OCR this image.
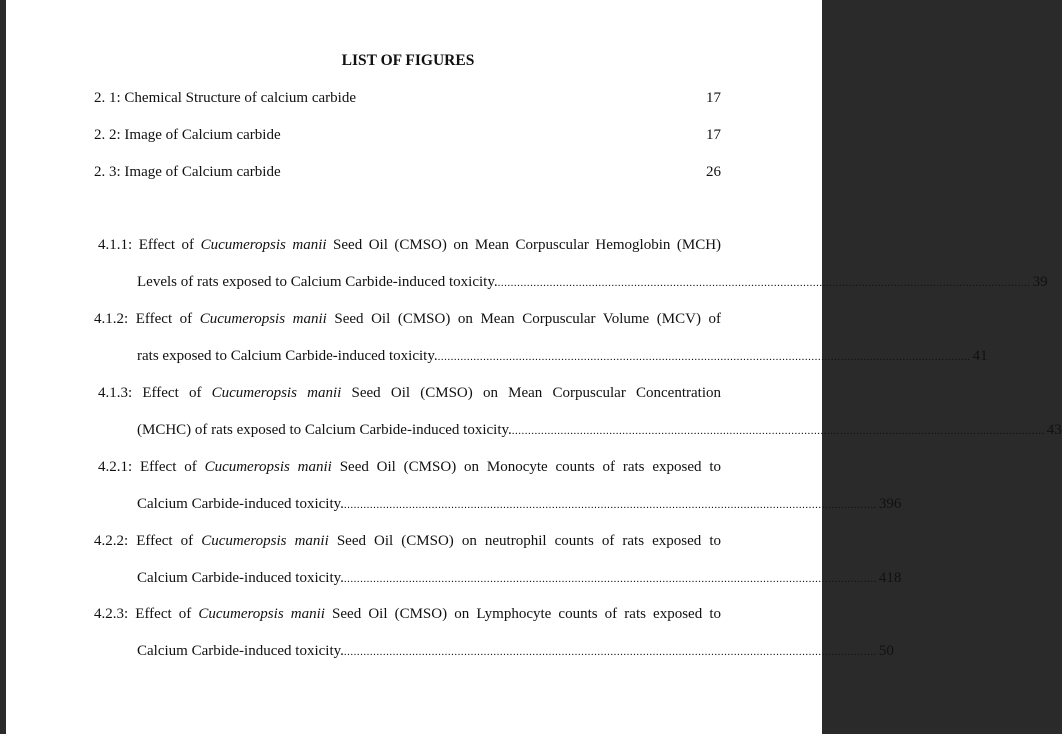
LIST OF FIGURES
2. 1: Chemical Structure of calcium carbide	17
2. 2: Image of Calcium carbide	17
2. 3: Image of Calcium carbide	26
4.1.1: Effect of Cucumeropsis manii Seed Oil (CMSO) on Mean Corpuscular Hemoglobin (MCH)
Levels of rats exposed to Calcium Carbide-induced toxicity. .................................................................................................................................................................... 39
4.1.2: Effect of Cucumeropsis manii Seed Oil (CMSO) on Mean Corpuscular Volume (MCV) of
rats exposed to Calcium Carbide-induced toxicity. .................................................................................................................................................................... 41
4.1.3: Effect of Cucumeropsis manii Seed Oil (CMSO) on Mean Corpuscular Concentration
(MCHC) of rats exposed to Calcium Carbide-induced toxicity. .................................................................................................................................................................... 43
4.2.1: Effect of Cucumeropsis manii Seed Oil (CMSO) on Monocyte counts of rats exposed to
Calcium Carbide-induced toxicity. .................................................................................................................................................................... 396
4.2.2: Effect of Cucumeropsis manii Seed Oil (CMSO) on neutrophil counts of rats exposed to
Calcium Carbide-induced toxicity. .................................................................................................................................................................... 418
4.2.3: Effect of Cucumeropsis manii Seed Oil (CMSO) on Lymphocyte counts of rats exposed to
Calcium Carbide-induced toxicity. .................................................................................................................................................................... 50
